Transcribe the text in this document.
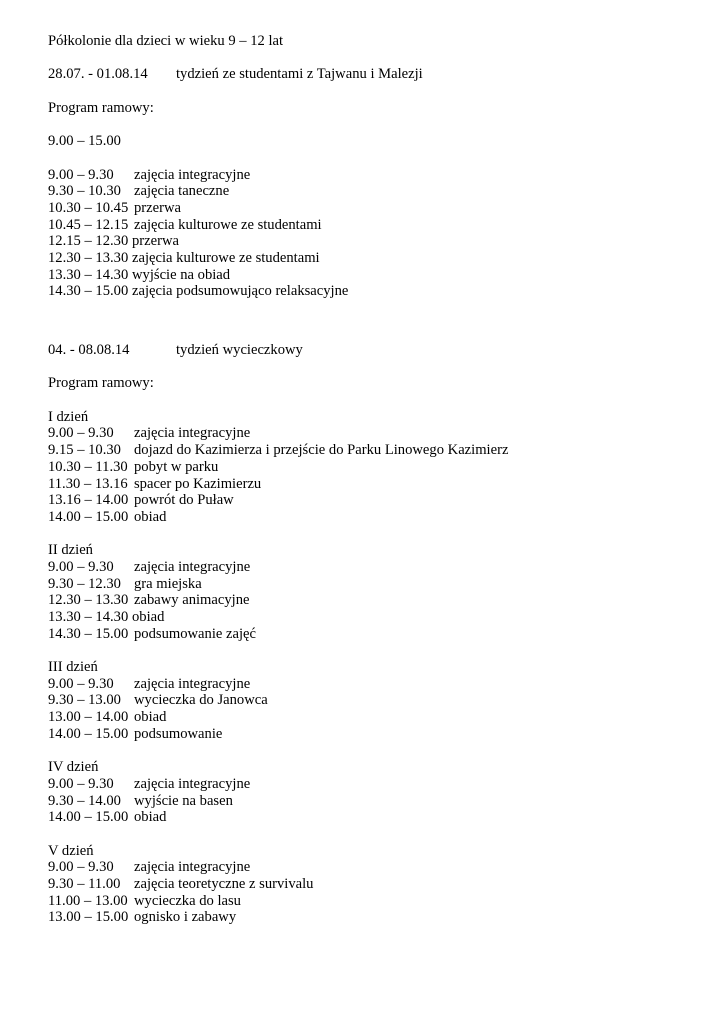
Półkolonie dla dzieci w wieku 9 – 12 lat
28.07. - 01.08.14 tydzień ze studentami z Tajwanu i Malezji
Program ramowy:
9.00 – 15.00
9.00 – 9.30 zajęcia integracyjne
9.30 – 10.30 zajęcia taneczne
10.30 – 10.45 przerwa
10.45 – 12.15 zajęcia kulturowe ze studentami
12.15 – 12.30 przerwa
12.30 – 13.30 zajęcia kulturowe ze studentami
13.30 – 14.30 wyjście na obiad
14.30 – 15.00 zajęcia podsumowująco relaksacyjne
04. - 08.08.14	tydzień wycieczkowy
Program ramowy:
I dzień
9.00 – 9.30 zajęcia integracyjne
9.15 – 10.30 dojazd do Kazimierza i przejście do Parku Linowego Kazimierz
10.30 – 11.30 pobyt w parku
11.30 – 13.16 spacer po Kazimierzu
13.16 – 14.00 powrót do Puław
14.00 – 15.00 obiad
II dzień
9.00 – 9.30 zajęcia integracyjne
9.30 – 12.30 gra miejska
12.30 – 13.30 zabawy animacyjne
13.30 – 14.30 obiad
14.30 – 15.00 podsumowanie zajęć
III dzień
9.00 – 9.30 zajęcia integracyjne
9.30 – 13.00 wycieczka do Janowca
13.00 – 14.00 obiad
14.00 – 15.00 podsumowanie
IV dzień
9.00 – 9.30 zajęcia integracyjne
9.30 – 14.00 wyjście na basen
14.00 – 15.00 obiad
V dzień
9.00 – 9.30 zajęcia integracyjne
9.30 – 11.00 zajęcia teoretyczne z survivalu
11.00 – 13.00 wycieczka do lasu
13.00 – 15.00 ognisko i zabawy
